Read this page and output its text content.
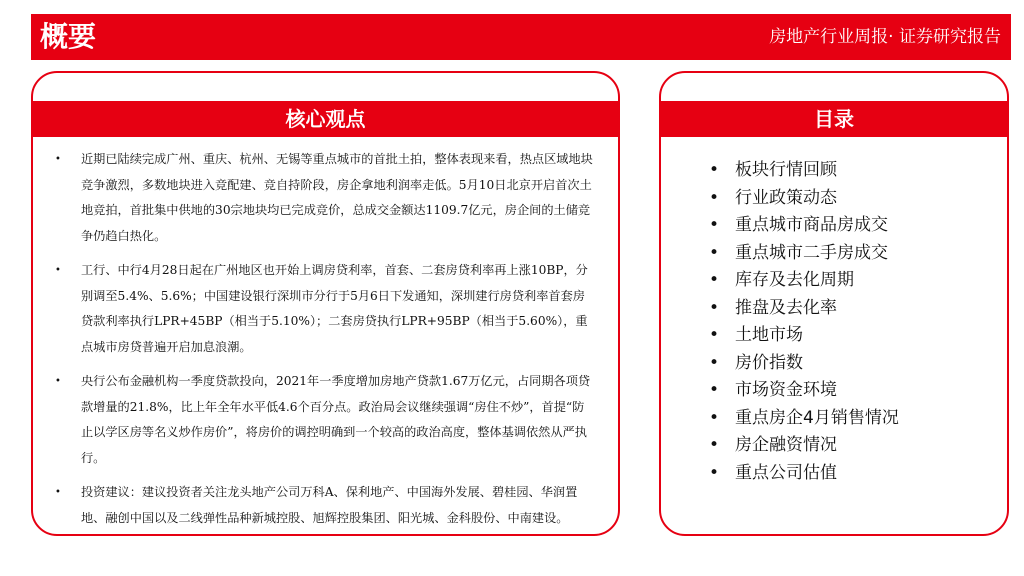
概要	房地产行业周报· 证券研究报告
核心观点
• 近期已陆续完成广州、重庆、杭州、无锡等重点城市的首批土拍，整体表现来看，热点区域地块竞争激烈，多数地块进入竞配建、竞自持阶段，房企拿地利润率走低。5月10日北京开启首次土地竞拍，首批集中供地的30宗地块均已完成竞价，总成交金额达1109.7亿元，房企间的土储竞争仍趋白热化。
• 工行、中行4月28日起在广州地区也开始上调房贷利率，首套、二套房贷利率再上涨10BP，分别调至5.4%、5.6%；中国建设银行深圳市分行于5月6日下发通知，深圳建行房贷利率首套房贷款利率执行LPR+45BP（相当于5.10%）；二套房贷执行LPR+95BP（相当于5.60%），重点城市房贷普遍开启加息浪潮。
• 央行公布金融机构一季度贷款投向，2021年一季度增加房地产贷款1.67万亿元，占同期各项贷款增量的21.8%，比上年全年水平低4.6个百分点。政治局会议继续强调“房住不炒”，首提“防止以学区房等名义炒作房价”，将房价的调控明确到一个较高的政治高度，整体基调依然从严执行。
• 投资建议：建议投资者关注龙头地产公司万科A、保利地产、中国海外发展、碧桂园、华润置地、融创中国以及二线弹性品种新城控股、旭辉控股集团、阳光城、金科股份、中南建设。
目录
• 板块行情回顾
• 行业政策动态
• 重点城市商品房成交
• 重点城市二手房成交
• 库存及去化周期
• 推盘及去化率
• 土地市场
• 房价指数
• 市场资金环境
• 重点房企4月销售情况
• 房企融资情况
• 重点公司估值
